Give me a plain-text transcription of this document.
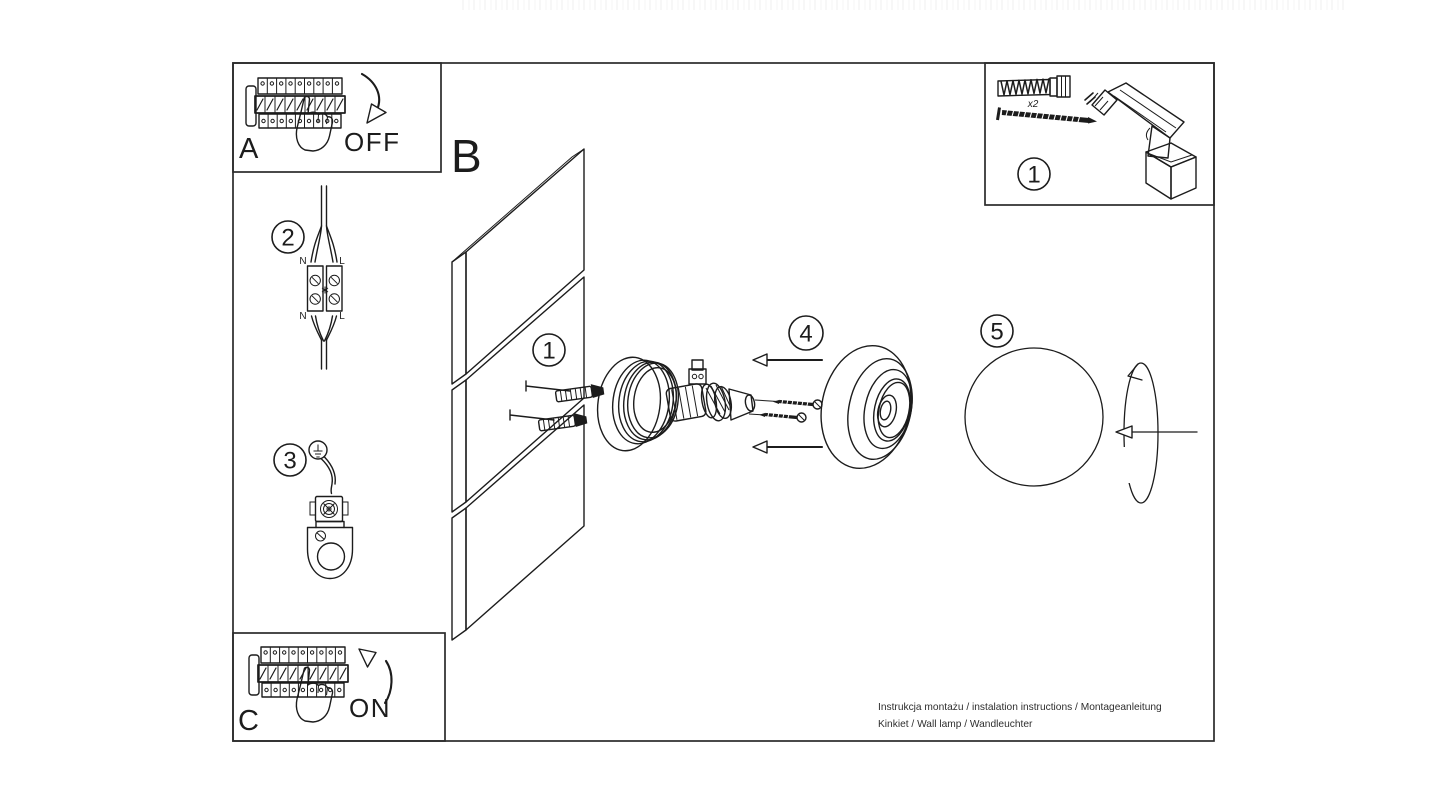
A	OFF
C	ON
2
N	L
N	L
3
B
1
4	5
x2
1
Instrukcja montażu / instalation instructions / Montageanleitung
Kinkiet / Wall lamp / Wandleuchter
